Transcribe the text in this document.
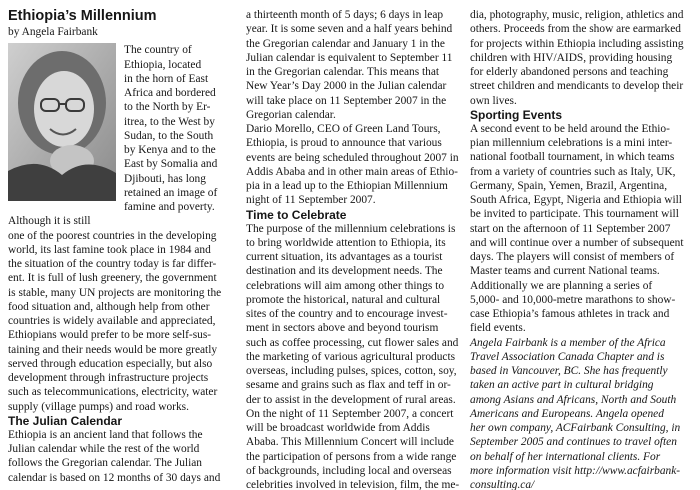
Ethiopia’s Millennium
by Angela Fairbank
The country of
Ethiopia, located
in the horn of East
Africa and bordered
to the North by Er-
itrea, to the West by
Sudan, to the South
by Kenya and to the
East by Somalia and
Djibouti, has long
retained an image of
famine and poverty.
Although it is still
one of the poorest countries in the developing
world, its last famine took place in 1984 and
the situation of the country today is far differ-
ent. It is full of lush greenery, the government
is stable, many UN projects are monitoring the
food situation and, although help from other
countries is widely available and appreciated,
Ethiopians would prefer to be more self-sus-
taining and their needs would be more greatly
served through education especially, but also
development through infrastructure projects
such as telecommunications, electricity, water
supply (village pumps) and road works.
The Julian Calendar
Ethiopia is an ancient land that follows the
Julian calendar while the rest of the world
follows the Gregorian calendar. The Julian
calendar is based on 12 months of 30 days and
a thirteenth month of 5 days; 6 days in leap
year. It is some seven and a half years behind
the Gregorian calendar and January 1 in the
Julian calendar is equivalent to September 11
in the Gregorian calendar. This means that
New Year’s Day 2000 in the Julian calendar
will take place on 11 September 2007 in the
Gregorian calendar.
Dario Morello, CEO of Green Land Tours,
Ethiopia, is proud to announce that various
events are being scheduled throughout 2007 in
Addis Ababa and in other main areas of Ethio-
pia in a lead up to the Ethiopian Millennium
night of 11 September 2007.
Time to Celebrate
The purpose of the millennium celebrations is
to bring worldwide attention to Ethiopia, its
current situation, its advantages as a tourist
destination and its development needs. The
celebrations will aim among other things to
promote the historical, natural and cultural
sites of the country and to encourage invest-
ment in sectors above and beyond tourism
such as coffee processing, cut flower sales and
the marketing of various agricultural products
overseas, including pulses, spices, cotton, soy,
sesame and grains such as flax and teff in or-
der to assist in the development of rural areas.
On the night of 11 September 2007, a concert
will be broadcast worldwide from Addis
Ababa. This Millennium Concert will include
the participation of persons from a wide range
of backgrounds, including local and overseas
celebrities involved in television, film, the me-
dia, photography, music, religion, athletics and
others. Proceeds from the show are earmarked
for projects within Ethiopia including assisting
children with HIV/AIDS, providing housing
for elderly abandoned persons and teaching
street children and mendicants to develop their
own lives.
Sporting Events
A second event to be held around the Ethio-
pian millennium celebrations is a mini inter-
national football tournament, in which teams
from a variety of countries such as Italy, UK,
Germany, Spain, Yemen, Brazil, Argentina,
South Africa, Egypt, Nigeria and Ethiopia will
be invited to participate. This tournament will
start on the afternoon of 11 September 2007
and will continue over a number of subsequent
days. The players will consist of members of
Master teams and current National teams.
Additionally we are planning a series of
5,000- and 10,000-metre marathons to show-
case Ethiopia’s famous athletes in track and
field events.
Angela Fairbank is a member of the Africa
Travel Association Canada Chapter and is
based in Vancouver, BC. She has frequently
taken an active part in cultural bridging
among Asians and Africans, North and South
Americans and Europeans. Angela opened
her own company, ACFairbank Consulting, in
September 2005 and continues to travel often
on behalf of her international clients. For
more information visit http://www.acfairbank-
consulting.ca/
